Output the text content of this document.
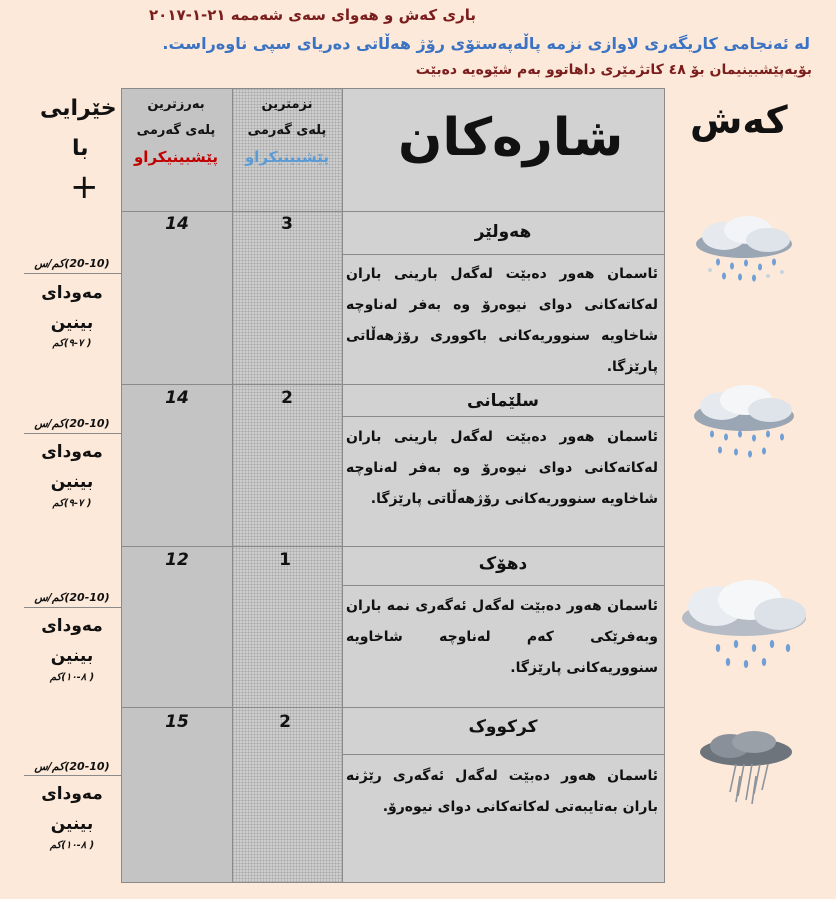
باری کەش و هەوای سەی شەممە ٢١-١-٢٠١٧
لە ئەنجامی کاریگەری لاوازی نزمە پاڵەپەستۆی رۆژ هەڵاتی دەریای سپی ناوەراست.
بۆیەپێشبینیمان بۆ ٤٨ کاتژمێری داهاتوو بەم شێوەیە دەبێت
کەش
شارەکان
نزمترین
پلەی گەرمی
پێشبینیکراو
بەرزترین
پلەی گەرمی
پێشبینیکراو
خێرایی
با
+
هەولێر
ئاسمان هەور دەبێت لەگەل بارینی باران لەکاتەکانی دوای نیوەرۆ وە بەفر لەناوچە شاخاویە سنووریەکانی باکووری رۆژهەڵاتی پارێزگا.
3
14
(20-10)کم/س
مەودای
بینین
( ٧-٩)کم
سلێمانی
ئاسمان هەور دەبێت لەگەل بارینی باران لەکاتەکانی دوای نیوەرۆ وە بەفر لەناوچە شاخاویە سنووریەکانی رۆژهەڵاتی پارێزگا.
2
14
(20-10)کم/س
مەودای
بینین
( ٧-٩)کم
دهۆک
ئاسمان هەور دەبێت لەگەل ئەگەری نمە باران وبەفرێکی کەم لەناوچە شاخاویە سنووریەکانی پارێزگا.
1
12
(20-10)کم/س
مەودای
بینین
( ٨-١٠)کم
کرکووک
ئاسمان هەور دەبێت لەگەل ئەگەری رێژنە باران بەتایبەتی لەکاتەکانی دوای نیوەرۆ.
2
15
(20-10)کم/س
مەودای
بینین
( ٨-١٠)کم
